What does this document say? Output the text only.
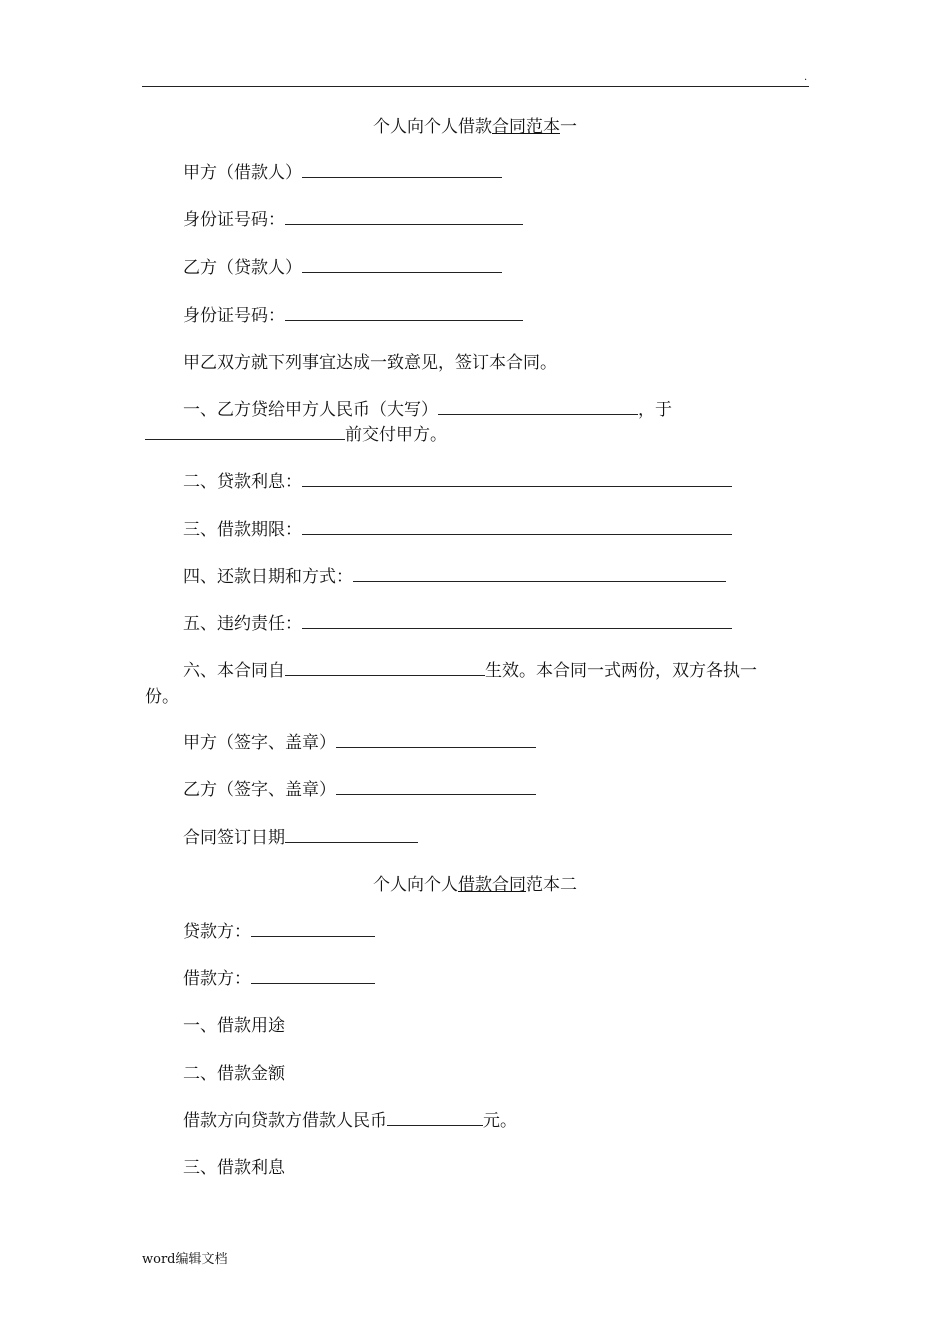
.
个人向个人借款合同范本一
甲方（借款人）
身份证号码：
乙方（贷款人）
身份证号码：
甲乙双方就下列事宜达成一致意见，签订本合同。
一、乙方贷给甲方人民币（大写）	，于
前交付甲方。
二、贷款利息：
三、借款期限：
四、还款日期和方式：
五、违约责任：
六、本合同自	生效。本合同一式两份，双方各执一
份。
甲方（签字、盖章）
乙方（签字、盖章）
合同签订日期
个人向个人借款合同范本二
贷款方：
借款方：
一、借款用途
二、借款金额
借款方向贷款方借款人民币	元。
三、借款利息
word编辑文档
